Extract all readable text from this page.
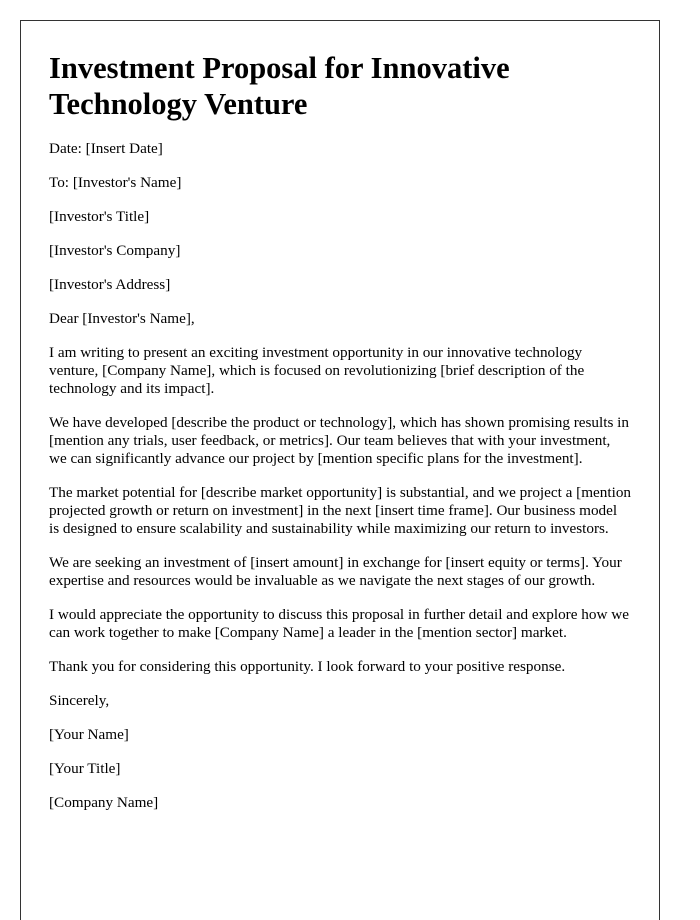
Investment Proposal for Innovative Technology Venture

Date: [Insert Date]

To: [Investor's Name]

[Investor's Title]

[Investor's Company]

[Investor's Address]

Dear [Investor's Name],

I am writing to present an exciting investment opportunity in our innovative technology venture, [Company Name], which is focused on revolutionizing [brief description of the technology and its impact].

We have developed [describe the product or technology], which has shown promising results in [mention any trials, user feedback, or metrics]. Our team believes that with your investment, we can significantly advance our project by [mention specific plans for the investment].

The market potential for [describe market opportunity] is substantial, and we project a [mention projected growth or return on investment] in the next [insert time frame]. Our business model is designed to ensure scalability and sustainability while maximizing our return to investors.

We are seeking an investment of [insert amount] in exchange for [insert equity or terms]. Your expertise and resources would be invaluable as we navigate the next stages of our growth.

I would appreciate the opportunity to discuss this proposal in further detail and explore how we can work together to make [Company Name] a leader in the [mention sector] market.

Thank you for considering this opportunity. I look forward to your positive response.

Sincerely,

[Your Name]

[Your Title]

[Company Name]
